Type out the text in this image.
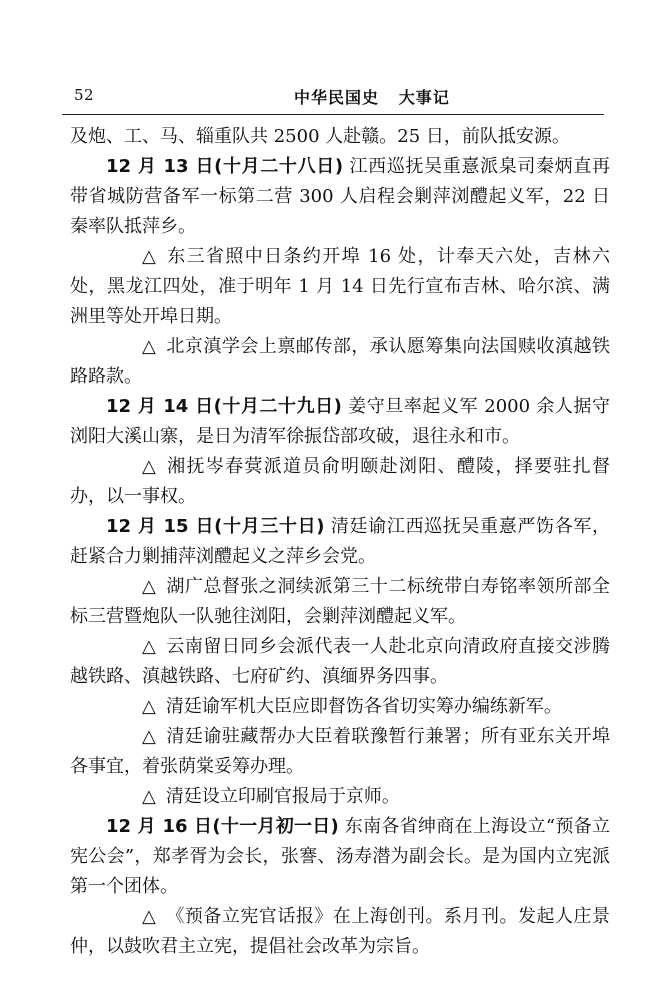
52	中华民国史   大事记

及炮、工、马、辎重队共 2500 人赴赣。25 日，前队抵安源。

12 月 13 日(十月二十八日) 江西巡抚吴重憙派臬司秦炳直再带省城防营备军一标第二营 300 人启程会剿萍浏醴起义军，22 日秦率队抵萍乡。

△ 东三省照中日条约开埠 16 处，计奉天六处，吉林六处，黑龙江四处，准于明年 1 月 14 日先行宣布吉林、哈尔滨、满洲里等处开埠日期。

△ 北京滇学会上禀邮传部，承认愿筹集向法国赎收滇越铁路路款。

12 月 14 日(十月二十九日) 姜守旦率起义军 2000 余人据守浏阳大溪山寨，是日为清军徐振岱部攻破，退往永和市。

△ 湘抚岑春蓂派道员俞明颐赴浏阳、醴陵，择要驻扎督办，以一事权。

12 月 15 日(十月三十日) 清廷谕江西巡抚吴重憙严饬各军，赶紧合力剿捕萍浏醴起义之萍乡会党。

△ 湖广总督张之洞续派第三十二标统带白寿铭率领所部全标三营暨炮队一队驰往浏阳，会剿萍浏醴起义军。

△ 云南留日同乡会派代表一人赴北京向清政府直接交涉腾越铁路、滇越铁路、七府矿约、滇缅界务四事。

△ 清廷谕军机大臣应即督饬各省切实筹办编练新军。

△ 清廷谕驻藏帮办大臣着联豫暂行兼署；所有亚东关开埠各事宜，着张荫棠妥筹办理。

△ 清廷设立印刷官报局于京师。

12 月 16 日(十一月初一日) 东南各省绅商在上海设立“预备立宪公会”，郑孝胥为会长，张謇、汤寿潜为副会长。是为国内立宪派第一个团体。

△ 《预备立宪官话报》在上海创刊。系月刊。发起人庄景仲，以鼓吹君主立宪，提倡社会改革为宗旨。
